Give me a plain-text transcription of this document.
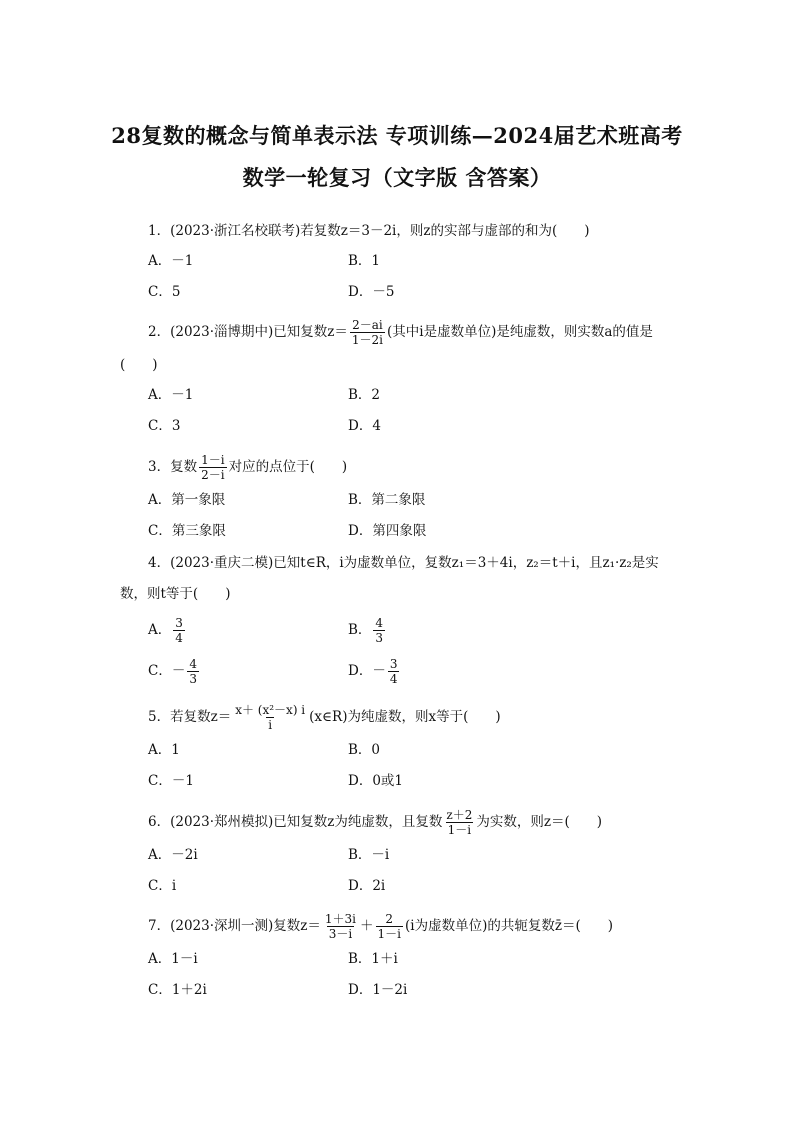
28复数的概念与简单表示法 专项训练—2024届艺术班高考
数学一轮复习（文字版 含答案）
1．(2023·浙江名校联考)若复数z＝3－2i，则z的实部与虚部的和为(　　)
A．－1	B．1
C．5	D．－5
2．(2023·淄博期中)已知复数$z= \frac{2-ai}{1-2i}$ (其中i是虚数单位)是纯虚数，则实数a的值是
(　　)
A．－1	B．2
C．3	D．4
3．复数 $\frac{1-i}{2-i}$ 对应的点位于(　　)
A．第一象限	B．第二象限
C．第三象限	D．第四象限
4．(2023·重庆二模)已知t∈R，i为虚数单位，复数z₁＝3＋4i，z₂＝t＋i，且z₁·z₂是实
数，则t等于(　　)
A． $\frac{3}{4}$	B． $\frac{4}{3}$
C．－ $\frac{4}{3}$	D．－ $\frac{3}{4}$
5．若复数$z= \frac{\text{x＋ (x²－x) i}}{i}$ (x∈R)为纯虚数，则x等于(　　)
A．1	B．0
C．－1	D．0或1
6．(2023·郑州模拟)已知复数z为纯虚数，且复数 $\frac{z+2}{1-i}$ 为实数，则z＝(　　)
A．－2i	B．－i
C．i	D．2i
7．(2023·深圳一测)复数$z= \frac{1+3i}{3-i} + \frac{2}{1-i} (i$为虚数单位)的共轭复数z̄＝(　　)
A．1－i	B．1＋i
C．1＋2i	D．1－2i
